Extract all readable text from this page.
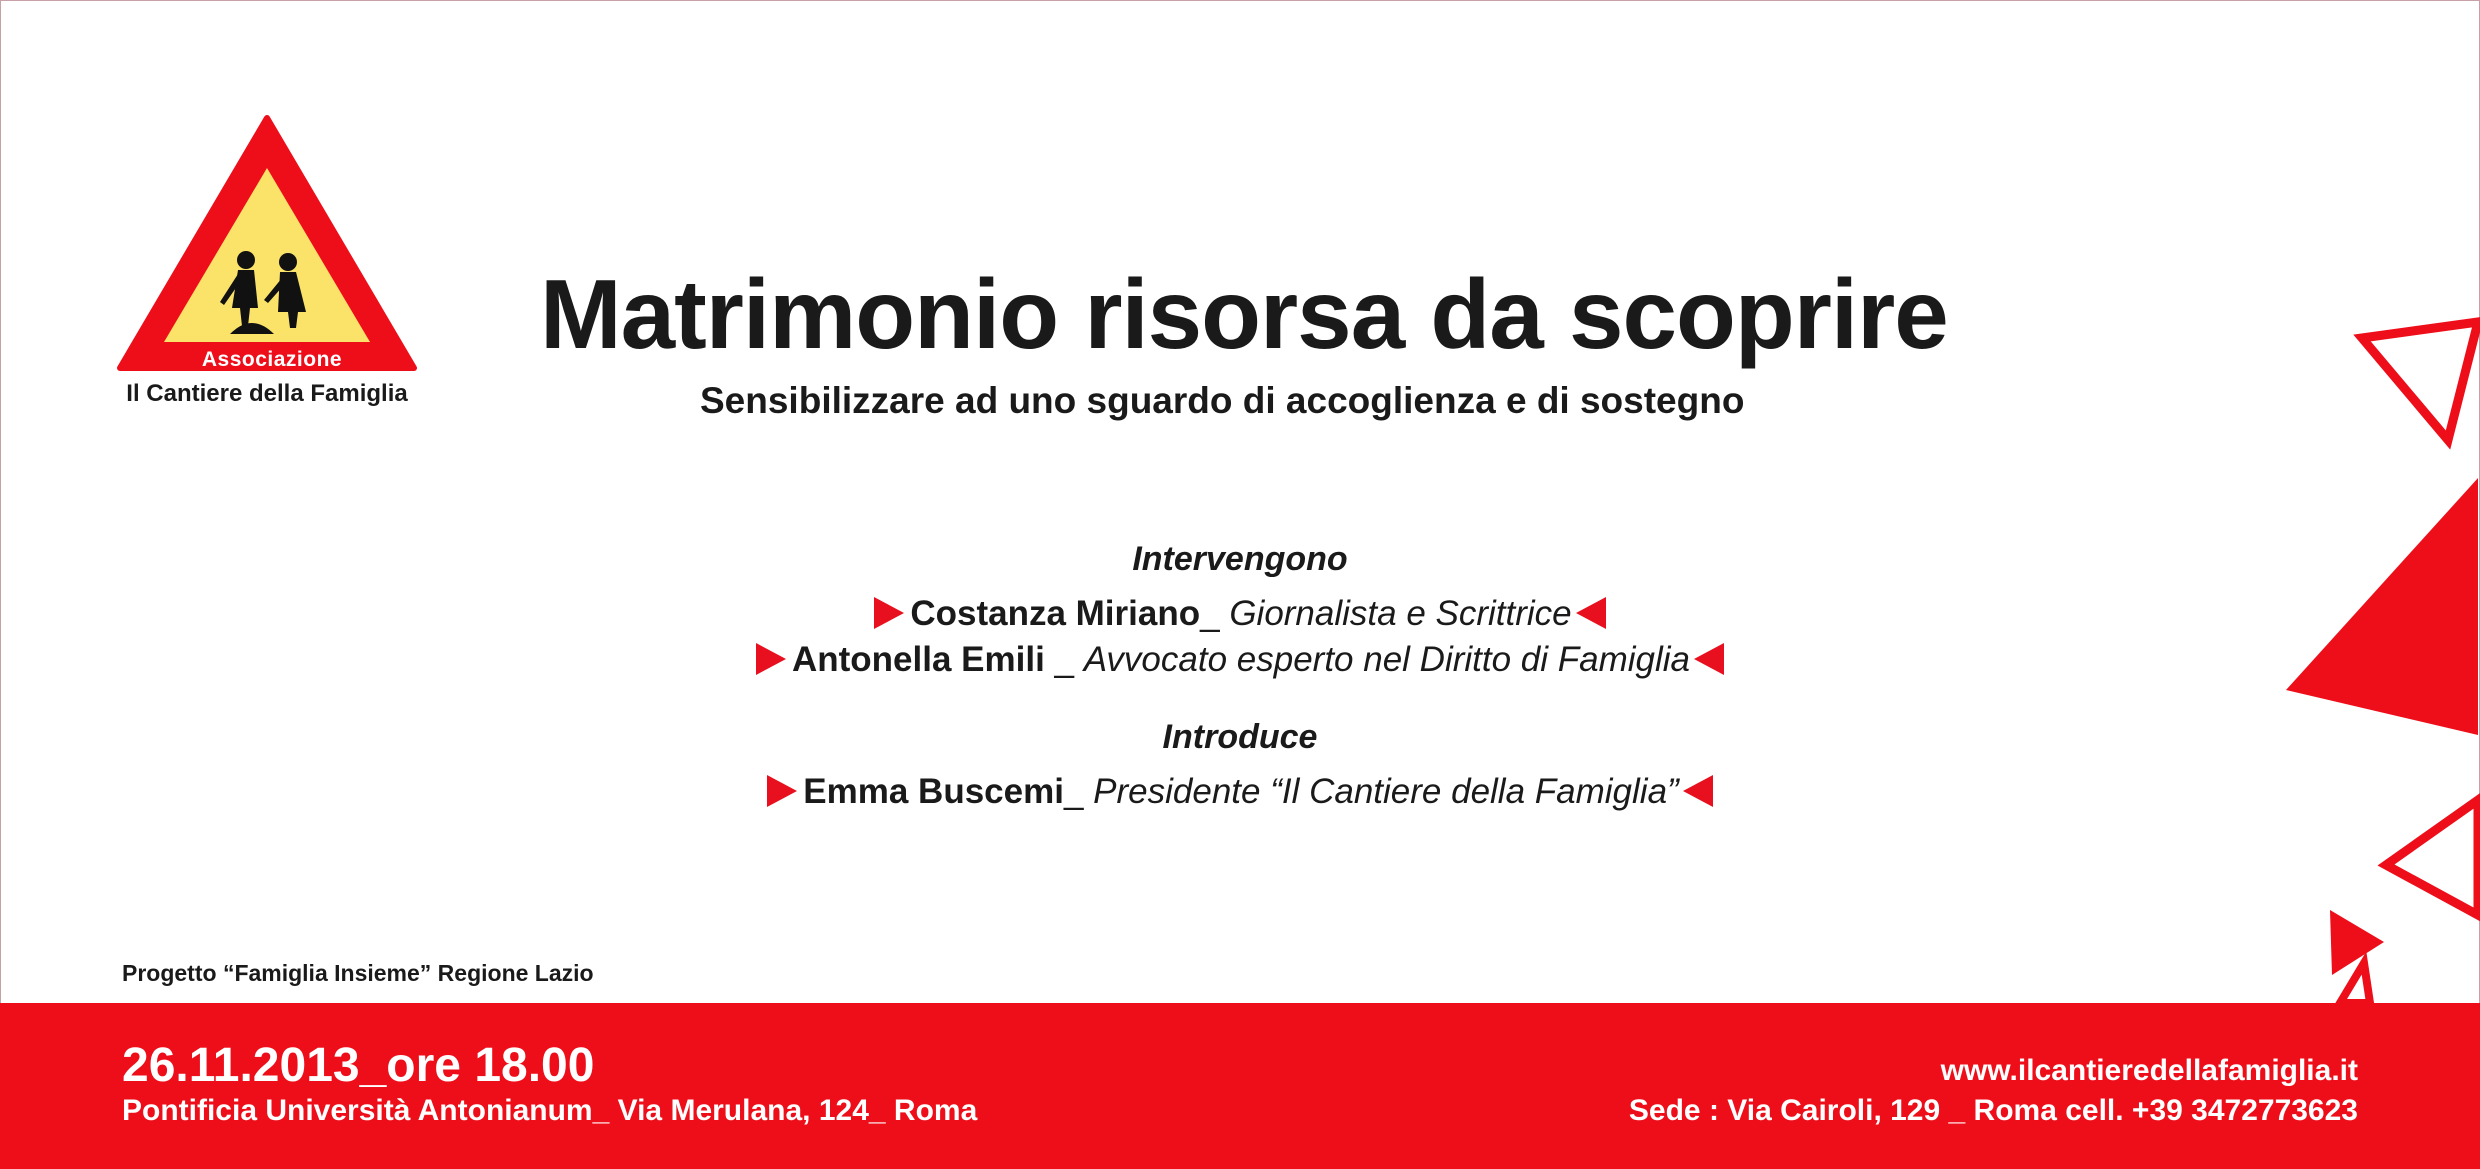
Associazione
Il Cantiere della Famiglia
Matrimonio risorsa da scoprire
Sensibilizzare ad uno sguardo di accoglienza e di sostegno
Intervengono
Costanza Miriano_ Giornalista e Scrittrice
Antonella Emili _ Avvocato esperto nel Diritto di Famiglia
Introduce
Emma Buscemi_ Presidente “Il Cantiere della Famiglia”
Progetto “Famiglia Insieme” Regione Lazio
26.11.2013_ore 18.00
Pontificia Università Antonianum_ Via Merulana, 124_ Roma
www.ilcantieredellafamiglia.it
Sede : Via Cairoli, 129 _ Roma cell. +39 3472773623
